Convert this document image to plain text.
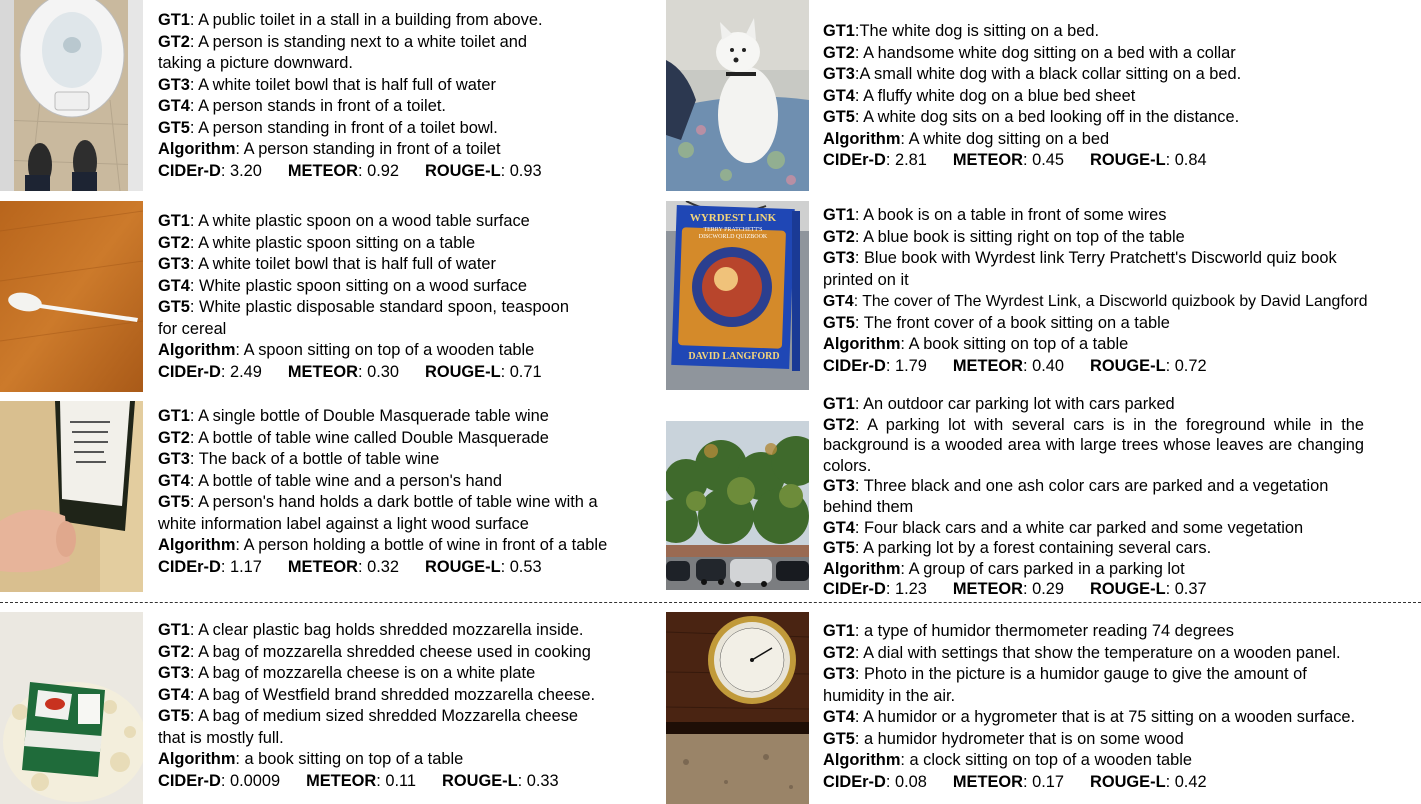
WYRDEST LINK
TERRY PRATCHETT'S
DISCWORLD QUIZBOOK
DAVID LANGFORD
GT1: A public toilet in a stall in a building from above.
GT2: A person is standing next to a white toilet and
taking a picture downward.
GT3: A white toilet bowl that is half full of water
GT4: A person stands in front of a toilet.
GT5: A person standing in front of a toilet bowl.
Algorithm: A person standing in front of a toilet
CIDEr-D: 3.20 METEOR: 0.92 ROUGE-L: 0.93
GT1: A white plastic spoon on a wood table surface
GT2: A white plastic spoon sitting on a table
GT3: A white toilet bowl that is half full of water
GT4: White plastic spoon sitting on a wood surface
GT5: White plastic disposable standard spoon, teaspoon
for cereal
Algorithm: A spoon sitting on top of a wooden table
CIDEr-D: 2.49 METEOR: 0.30 ROUGE-L: 0.71
GT1: A single bottle of Double Masquerade table wine
GT2: A bottle of table wine called Double Masquerade
GT3: The back of a bottle of table wine
GT4: A bottle of table wine and a person's hand
GT5: A person's hand holds a dark bottle of table wine with a
white information label against a light wood surface
Algorithm: A person holding a bottle of wine in front of a table
CIDEr-D: 1.17 METEOR: 0.32 ROUGE-L: 0.53
GT1: A clear plastic bag holds shredded mozzarella inside.
GT2: A bag of mozzarella shredded cheese used in cooking
GT3: A bag of mozzarella cheese is on a white plate
GT4: A bag of Westfield brand shredded mozzarella cheese.
GT5: A bag of medium sized shredded Mozzarella cheese
that is mostly full.
Algorithm: a book sitting on top of a table
CIDEr-D: 0.0009 METEOR: 0.11 ROUGE-L: 0.33
GT1:The white dog is sitting on a bed.
GT2: A handsome white dog sitting on a bed with a collar
GT3:A small white dog with a black collar sitting on a bed.
GT4: A fluffy white dog on a blue bed sheet
GT5: A white dog sits on a bed looking off in the distance.
Algorithm: A white dog sitting on a bed
CIDEr-D: 2.81 METEOR: 0.45 ROUGE-L: 0.84
GT1: A book is on a table in front of some wires
GT2: A blue book is sitting right on top of the table
GT3: Blue book with Wyrdest link Terry Pratchett's Discworld quiz book
printed on it
GT4: The cover of The Wyrdest Link, a Discworld quizbook by David Langford
GT5: The front cover of a book sitting on a table
Algorithm: A book sitting on top of a table
CIDEr-D: 1.79 METEOR: 0.40 ROUGE-L: 0.72
GT1: An outdoor car parking lot with cars parked
GT2: A parking lot with several cars is in the foreground while in the background is a wooded area with large trees whose leaves are changing colors.
GT3: Three black and one ash color cars are parked and a vegetation
behind them
GT4: Four black cars and a white car parked and some vegetation
GT5: A parking lot by a forest containing several cars.
Algorithm: A group of cars parked in a parking lot
CIDEr-D: 1.23 METEOR: 0.29 ROUGE-L: 0.37
GT1: a type of humidor thermometer reading 74 degrees
GT2: A dial with settings that show the temperature on a wooden panel.
GT3: Photo in the picture is a humidor gauge to give the amount of
humidity in the air.
GT4: A humidor or a hygrometer that is at 75 sitting on a wooden surface.
GT5: a humidor hydrometer that is on some wood
Algorithm: a clock sitting on top of a wooden table
CIDEr-D: 0.08 METEOR: 0.17 ROUGE-L: 0.42
